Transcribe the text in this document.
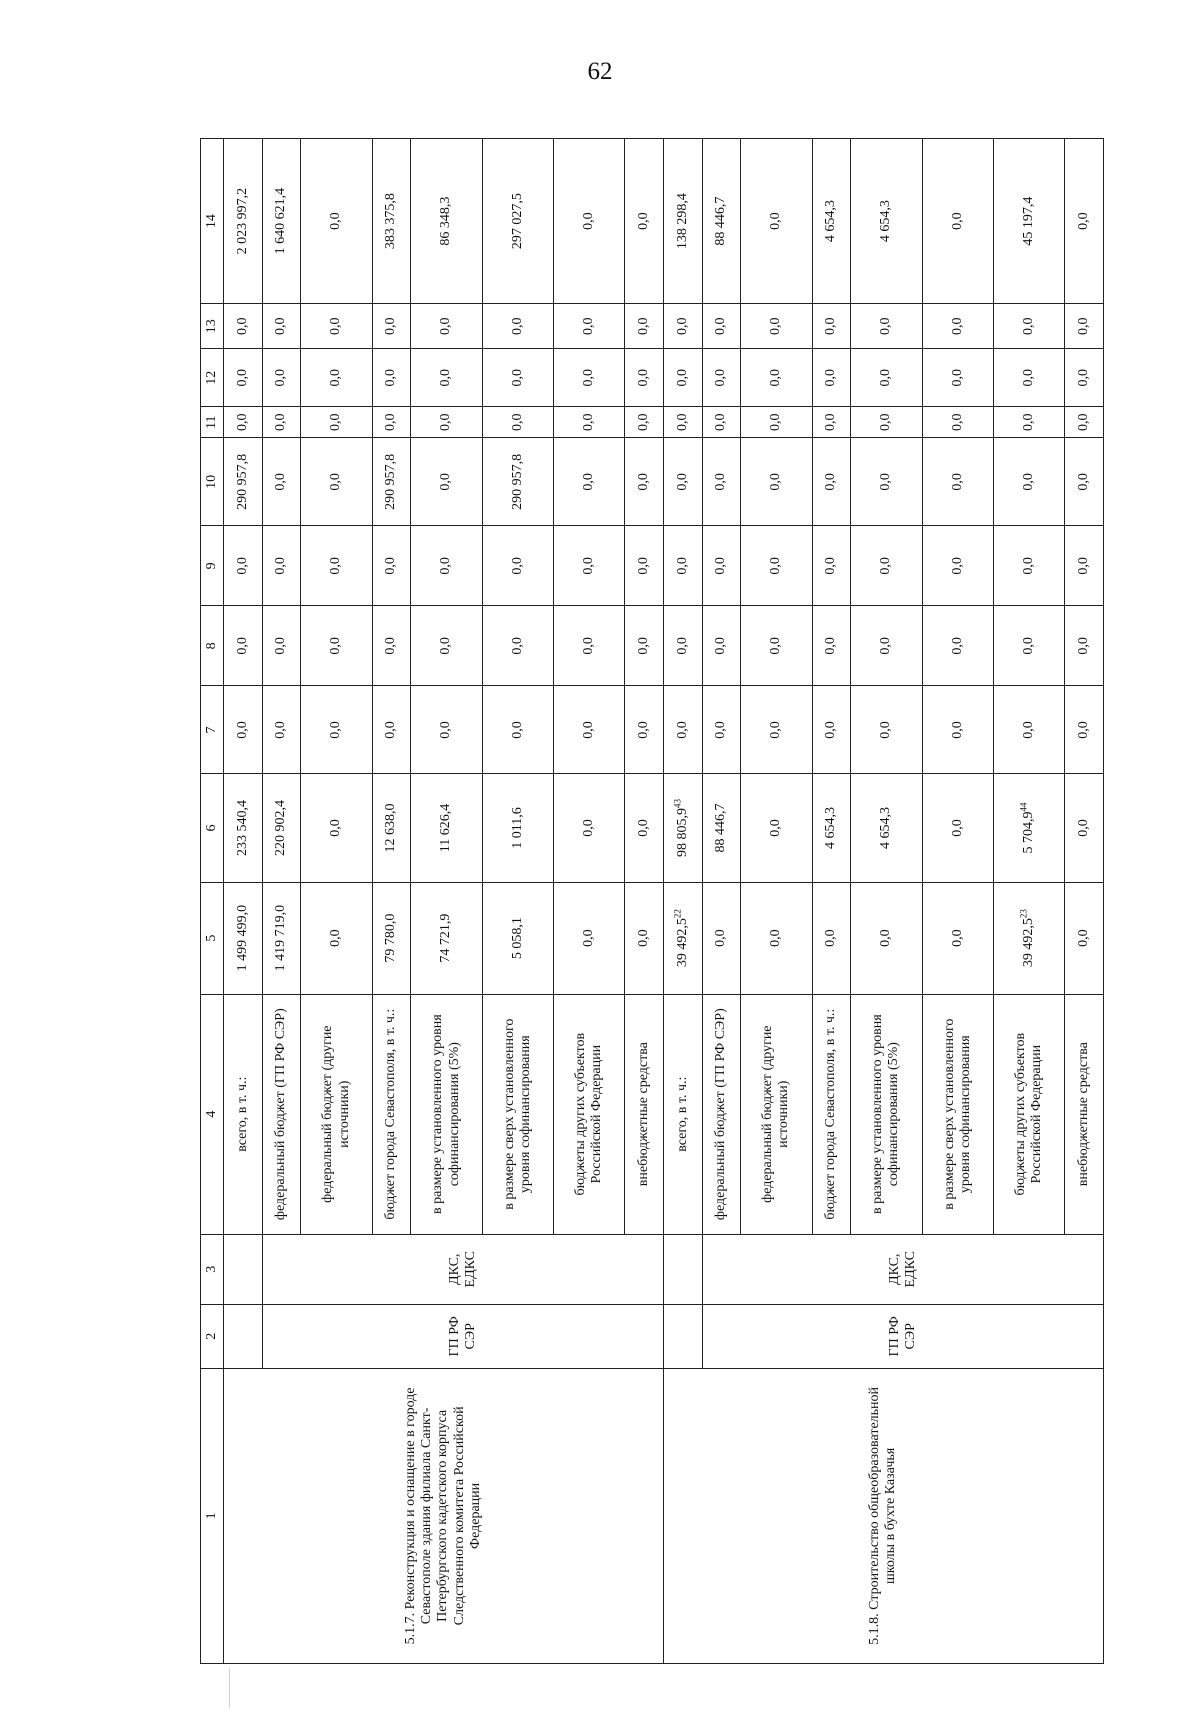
62
1	2	3	4	5	6	7	8	9	10	11	12	13	14
5.1.7. Реконструкция и оснащение в городе Севастополе здания филиала Санкт-Петербургского кадетского корпуса Следственного комитета Российской Федерации			всего, в т. ч.:	1 499 499,0	233 540,4	0,0	0,0	0,0	290 957,8	0,0	0,0	0,0	2 023 997,2
	ГП РФ СЭР	ДКС, ЕДКС	федеральный бюджет (ГП РФ СЭР)	1 419 719,0	220 902,4	0,0	0,0	0,0	0,0	0,0	0,0	0,0	1 640 621,4
			федеральный бюджет (другие источники)	0,0	0,0	0,0	0,0	0,0	0,0	0,0	0,0	0,0	0,0
			бюджет города Севастополя, в т. ч.:	79 780,0	12 638,0	0,0	0,0	0,0	290 957,8	0,0	0,0	0,0	383 375,8
			в размере установленного уровня софинансирования (5%)	74 721,9	11 626,4	0,0	0,0	0,0	0,0	0,0	0,0	0,0	86 348,3
			в размере сверх установленного уровня софинансирования	5 058,1	1 011,6	0,0	0,0	0,0	290 957,8	0,0	0,0	0,0	297 027,5
			бюджеты других субъектов Российской Федерации	0,0	0,0	0,0	0,0	0,0	0,0	0,0	0,0	0,0	0,0
			внебюджетные средства	0,0	0,0	0,0	0,0	0,0	0,0	0,0	0,0	0,0	0,0
5.1.8. Строительство общеобразовательной школы в бухте Казачья			всего, в т. ч.:	39 492,5$^{22}$	98 805,9$^{43}$	0,0	0,0	0,0	0,0	0,0	0,0	0,0	138 298,4
	ГП РФ СЭР	ДКС, ЕДКС	федеральный бюджет (ГП РФ СЭР)	0,0	88 446,7	0,0	0,0	0,0	0,0	0,0	0,0	0,0	88 446,7
			федеральный бюджет (другие источники)	0,0	0,0	0,0	0,0	0,0	0,0	0,0	0,0	0,0	0,0
			бюджет города Севастополя, в т. ч.:	0,0	4 654,3	0,0	0,0	0,0	0,0	0,0	0,0	0,0	4 654,3
			в размере установленного уровня софинансирования (5%)	0,0	4 654,3	0,0	0,0	0,0	0,0	0,0	0,0	0,0	4 654,3
			в размере сверх установленного уровня софинансирования	0,0	0,0	0,0	0,0	0,0	0,0	0,0	0,0	0,0	0,0
			бюджеты других субъектов Российской Федерации	39 492,5$^{23}$	5 704,9$^{44}$	0,0	0,0	0,0	0,0	0,0	0,0	0,0	45 197,4
			внебюджетные средства	0,0	0,0	0,0	0,0	0,0	0,0	0,0	0,0	0,0	0,0
